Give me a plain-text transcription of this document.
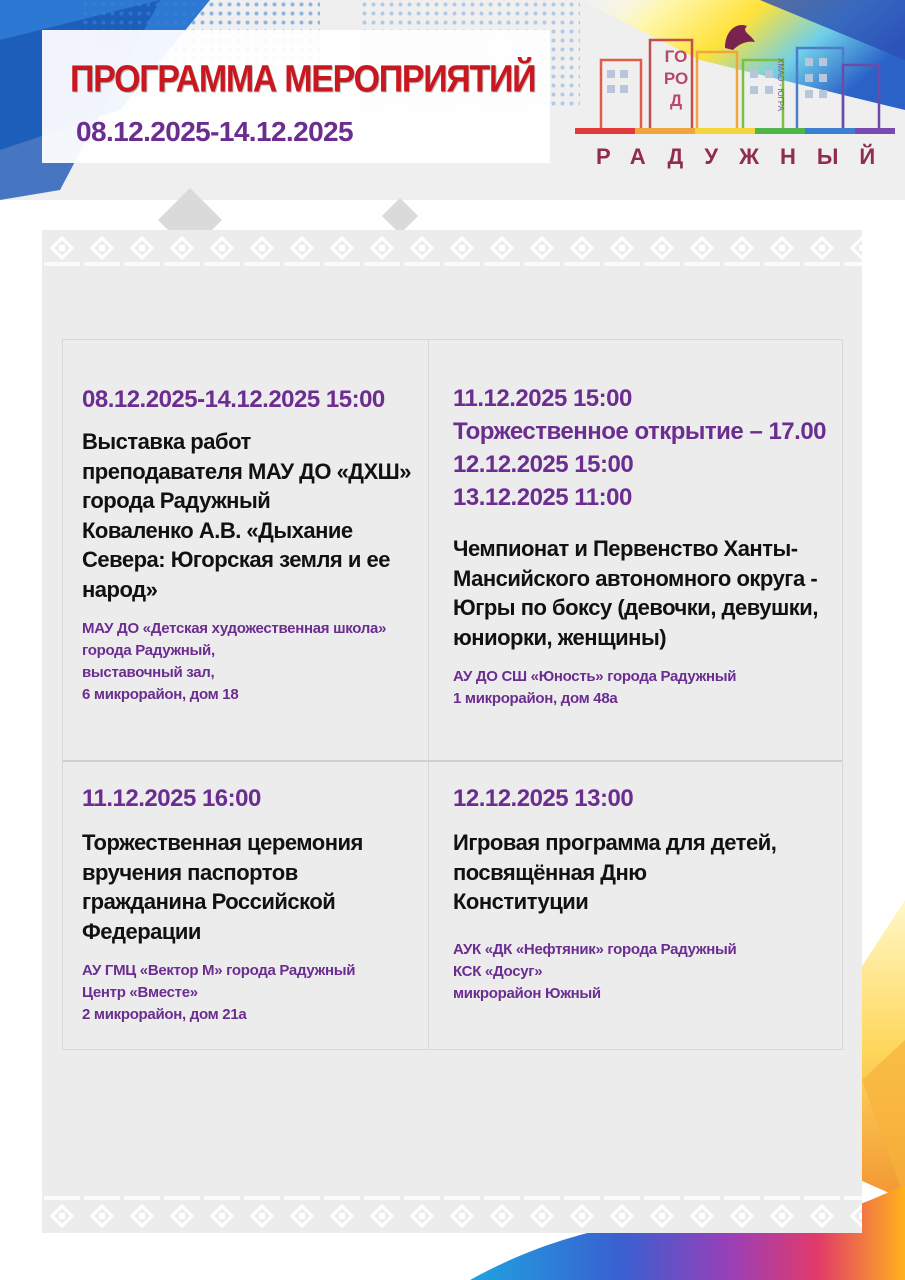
ПРОГРАММА МЕРОПРИЯТИЙ
08.12.2025-14.12.2025
ГОРОД	ХМАО - ЮГРА
РАДУЖНЫЙ
08.12.2025-14.12.2025 15:00
Выставка работ
преподавателя МАУ ДО «ДХШ»
города Радужный
Коваленко А.В. «Дыхание
Севера: Югорская земля и ее
народ»
МАУ ДО «Детская художественная школа»
города Радужный,
выставочный зал,
6 микрорайон, дом 18
11.12.2025 15:00
Торжественное открытие – 17.00
12.12.2025 15:00
13.12.2025 11:00
Чемпионат и Первенство Ханты-
Мансийского автономного округа -
Югры по боксу (девочки, девушки,
юниорки, женщины)
АУ ДО СШ «Юность» города Радужный
1 микрорайон, дом 48а
11.12.2025 16:00
Торжественная церемония
вручения паспортов
гражданина Российской
Федерации
АУ ГМЦ «Вектор М» города Радужный
Центр «Вместе»
2 микрорайон, дом 21а
12.12.2025 13:00
Игровая программа для детей,
посвящённая Дню
Конституции
АУК «ДК «Нефтяник» города Радужный
КСК «Досуг»
микрорайон Южный
